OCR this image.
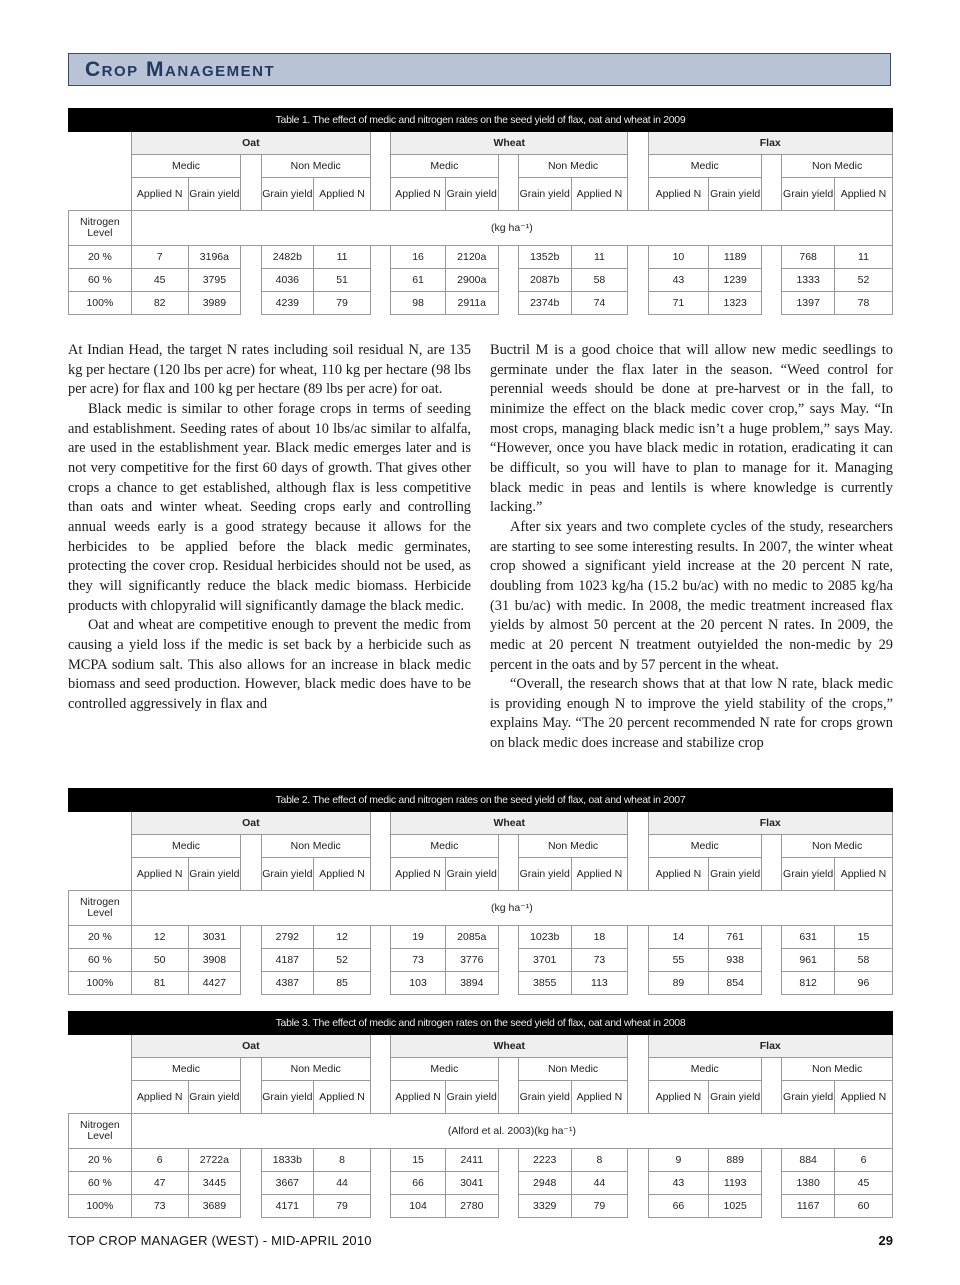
Crop Management
Table 1. The effect of medic and nitrogen rates on the seed yield of flax, oat and wheat in 2009																	
	Oat						Wheat						Flax				
	Medic			Non Medic			Medic			Non Medic			Medic			Non Medic	
	Applied N	Grain yield		Grain yield	Applied N		Applied N	Grain yield		Grain yield	Applied N		Applied N	Grain yield		Grain yield	Applied N
Nitrogen Level	(kg ha⁻¹)																
20 %	7	3196a		2482b	11		16	2120a		1352b	11		10	1189		768	11
60 %	45	3795		4036	51		61	2900a		2087b	58		43	1239		1333	52
100%	82	3989		4239	79		98	2911a		2374b	74		71	1323		1397	78
Table 2. The effect of medic and nitrogen rates on the seed yield of flax, oat and wheat in 2007																	
	Oat						Wheat						Flax				
	Medic			Non Medic			Medic			Non Medic			Medic			Non Medic	
	Applied N	Grain yield		Grain yield	Applied N		Applied N	Grain yield		Grain yield	Applied N		Applied N	Grain yield		Grain yield	Applied N
Nitrogen Level	(kg ha⁻¹)																
20 %	12	3031		2792	12		19	2085a		1023b	18		14	761		631	15
60 %	50	3908		4187	52		73	3776		3701	73		55	938		961	58
100%	81	4427		4387	85		103	3894		3855	113		89	854		812	96
Table 3. The effect of medic and nitrogen rates on the seed yield of flax, oat and wheat in 2008																	
	Oat						Wheat						Flax				
	Medic			Non Medic			Medic			Non Medic			Medic			Non Medic	
	Applied N	Grain yield		Grain yield	Applied N		Applied N	Grain yield		Grain yield	Applied N		Applied N	Grain yield		Grain yield	Applied N
Nitrogen Level	(Alford et al. 2003)(kg ha⁻¹)																
20 %	6	2722a		1833b	8		15	2411		2223	8		9	889		884	6
60 %	47	3445		3667	44		66	3041		2948	44		43	1193		1380	45
100%	73	3689		4171	79		104	2780		3329	79		66	1025		1167	60

At Indian Head, the target N rates including soil residual N, are 135 kg per hectare (120 lbs per acre) for wheat, 110 kg per hectare (98 lbs per acre) for flax and 100 kg per hectare (89 lbs per acre) for oat.

Black medic is similar to other forage crops in terms of seeding and establishment. Seeding rates of about 10 lbs/ac similar to alfalfa, are used in the establishment year. Black medic emerges later and is not very competitive for the first 60 days of growth. That gives other crops a chance to get established, although flax is less competitive than oats and winter wheat. Seeding crops early and controlling annual weeds early is a good strategy because it allows for the herbicides to be applied before the black medic germinates, protecting the cover crop. Residual herbicides should not be used, as they will significantly reduce the black medic biomass. Herbicide products with chlopyralid will significantly damage the black medic.

Oat and wheat are competitive enough to prevent the medic from causing a yield loss if the medic is set back by a herbicide such as MCPA sodium salt. This also allows for an increase in black medic biomass and seed production. However, black medic does have to be controlled aggressively in flax and

Buctril M is a good choice that will allow new medic seedlings to germinate under the flax later in the season. “Weed control for perennial weeds should be done at pre-harvest or in the fall, to minimize the effect on the black medic cover crop,” says May. “In most crops, managing black medic isn’t a huge problem,” says May. “However, once you have black medic in rotation, eradicating it can be difficult, so you will have to plan to manage for it. Managing black medic in peas and lentils is where knowledge is currently lacking.”

After six years and two complete cycles of the study, researchers are starting to see some interesting results. In 2007, the winter wheat crop showed a significant yield increase at the 20 percent N rate, doubling from 1023 kg/ha (15.2 bu/ac) with no medic to 2085 kg/ha (31 bu/ac) with medic. In 2008, the medic treatment increased flax yields by almost 50 percent at the 20 percent N rates. In 2009, the medic at 20 percent N treatment outyielded the non-medic by 29 percent in the oats and by 57 percent in the wheat.

“Overall, the research shows that at that low N rate, black medic is providing enough N to improve the yield stability of the crops,” explains May. “The 20 percent recommended N rate for crops grown on black medic does increase and stabilize crop

TOP CROP MANAGER (WEST) - MID-APRIL 2010	29
